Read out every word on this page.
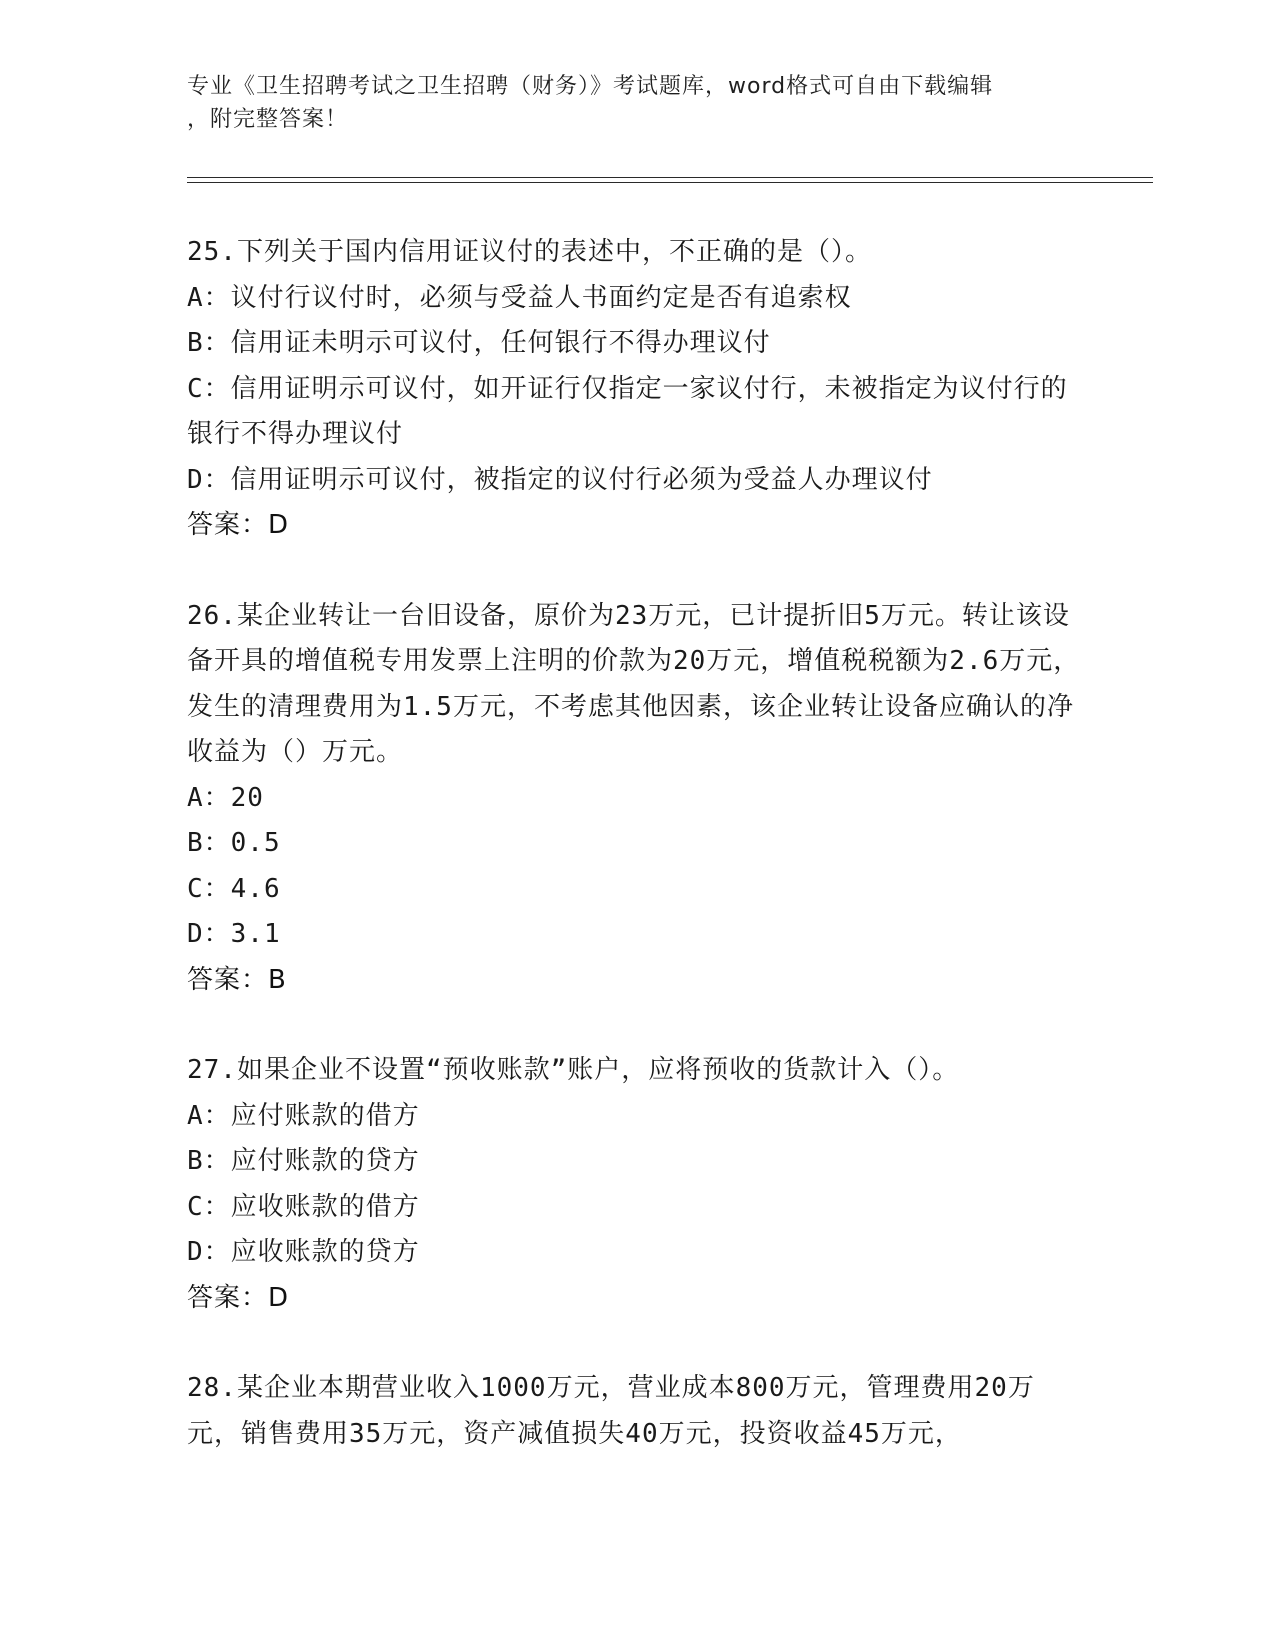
专业《卫生招聘考试之卫生招聘（财务）》考试题库，word格式可自由下载编辑
，附完整答案！
25.下列关于国内信用证议付的表述中，不正确的是（）。
A：议付行议付时，必须与受益人书面约定是否有追索权
B：信用证未明示可议付，任何银行不得办理议付
C：信用证明示可议付，如开证行仅指定一家议付行，未被指定为议付行的银行不得办理议付
D：信用证明示可议付，被指定的议付行必须为受益人办理议付
答案：D
26.某企业转让一台旧设备，原价为23万元，已计提折旧5万元。转让该设备开具的增值税专用发票上注明的价款为20万元，增值税税额为2.6万元，发生的清理费用为1.5万元，不考虑其他因素，该企业转让设备应确认的净收益为（）万元。
A：20
B：0.5
C：4.6
D：3.1
答案：B
27.如果企业不设置“预收账款”账户，应将预收的货款计入（）。
A：应付账款的借方
B：应付账款的贷方
C：应收账款的借方
D：应收账款的贷方
答案：D
28.某企业本期营业收入1000万元，营业成本800万元，管理费用20万元，销售费用35万元，资产减值损失40万元，投资收益45万元，
